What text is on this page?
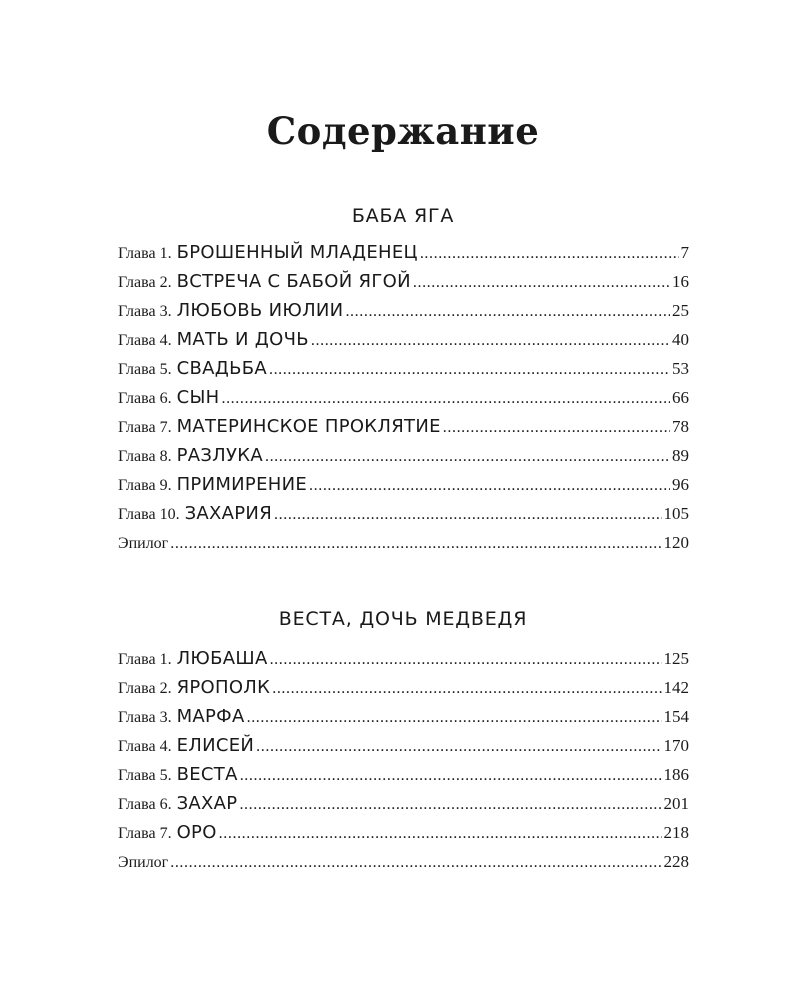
Содержание
БАБА ЯГА
Глава 1. БРОШЕННЫЙ МЛАДЕНЕЦ .....	7
Глава 2. ВСТРЕЧА С БАБОЙ ЯГОЙ .....	16
Глава 3. ЛЮБОВЬ ИЮЛИИ .....	25
Глава 4. МАТЬ И ДОЧЬ .....	40
Глава 5. СВАДЬБА .....	53
Глава 6. СЫН .....	66
Глава 7. МАТЕРИНСКОЕ ПРОКЛЯТИЕ .....	78
Глава 8. РАЗЛУКА .....	89
Глава 9. ПРИМИРЕНИЕ .....	96
Глава 10. ЗАХАРИЯ .....	105
Эпилог .....	120
ВЕСТА, ДОЧЬ МЕДВЕДЯ
Глава 1. ЛЮБАША .....	125
Глава 2. ЯРОПОЛК .....	142
Глава 3. МАРФА .....	154
Глава 4. ЕЛИСЕЙ .....	170
Глава 5. ВЕСТА .....	186
Глава 6. ЗАХАР .....	201
Глава 7. ОРО .....	218
Эпилог .....	228
